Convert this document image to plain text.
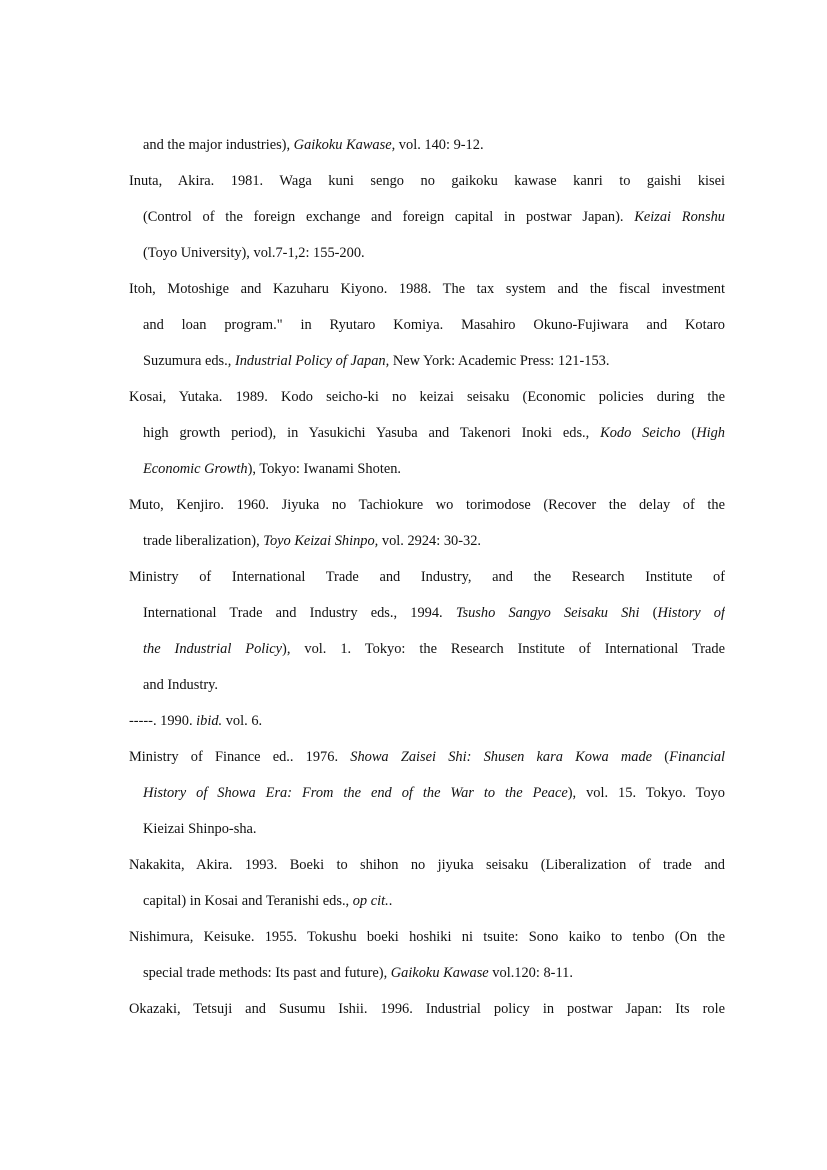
and the major industries), Gaikoku Kawase, vol. 140: 9-12.
Inuta, Akira. 1981. Waga kuni sengo no gaikoku kawase kanri to gaishi kisei
(Control of the foreign exchange and foreign capital in postwar Japan). Keizai Ronshu
(Toyo University), vol.7-1,2: 155-200.
Itoh, Motoshige and Kazuharu Kiyono. 1988. The tax system and the fiscal investment
and loan program." in Ryutaro Komiya. Masahiro Okuno-Fujiwara and Kotaro
Suzumura eds., Industrial Policy of Japan, New York: Academic Press: 121-153.
Kosai, Yutaka. 1989. Kodo seicho-ki no keizai seisaku (Economic policies during the
high growth period), in Yasukichi Yasuba and Takenori Inoki eds., Kodo Seicho (High
Economic Growth), Tokyo: Iwanami Shoten.
Muto, Kenjiro. 1960. Jiyuka no Tachiokure wo torimodose (Recover the delay of the
trade liberalization), Toyo Keizai Shinpo, vol. 2924: 30-32.
Ministry of International Trade and Industry, and the Research Institute of
International Trade and Industry eds., 1994. Tsusho Sangyo Seisaku Shi (History of
the Industrial Policy), vol. 1. Tokyo: the Research Institute of International Trade
and Industry.
-----. 1990. ibid. vol. 6.
Ministry of Finance ed.. 1976. Showa Zaisei Shi: Shusen kara Kowa made (Financial
History of Showa Era: From the end of the War to the Peace), vol. 15. Tokyo. Toyo
Kieizai Shinpo-sha.
Nakakita, Akira. 1993. Boeki to shihon no jiyuka seisaku (Liberalization of trade and
capital) in Kosai and Teranishi eds., op cit..
Nishimura, Keisuke. 1955. Tokushu boeki hoshiki ni tsuite: Sono kaiko to tenbo (On the
special trade methods: Its past and future), Gaikoku Kawase vol.120: 8-11.
Okazaki, Tetsuji and Susumu Ishii. 1996. Industrial policy in postwar Japan: Its role
